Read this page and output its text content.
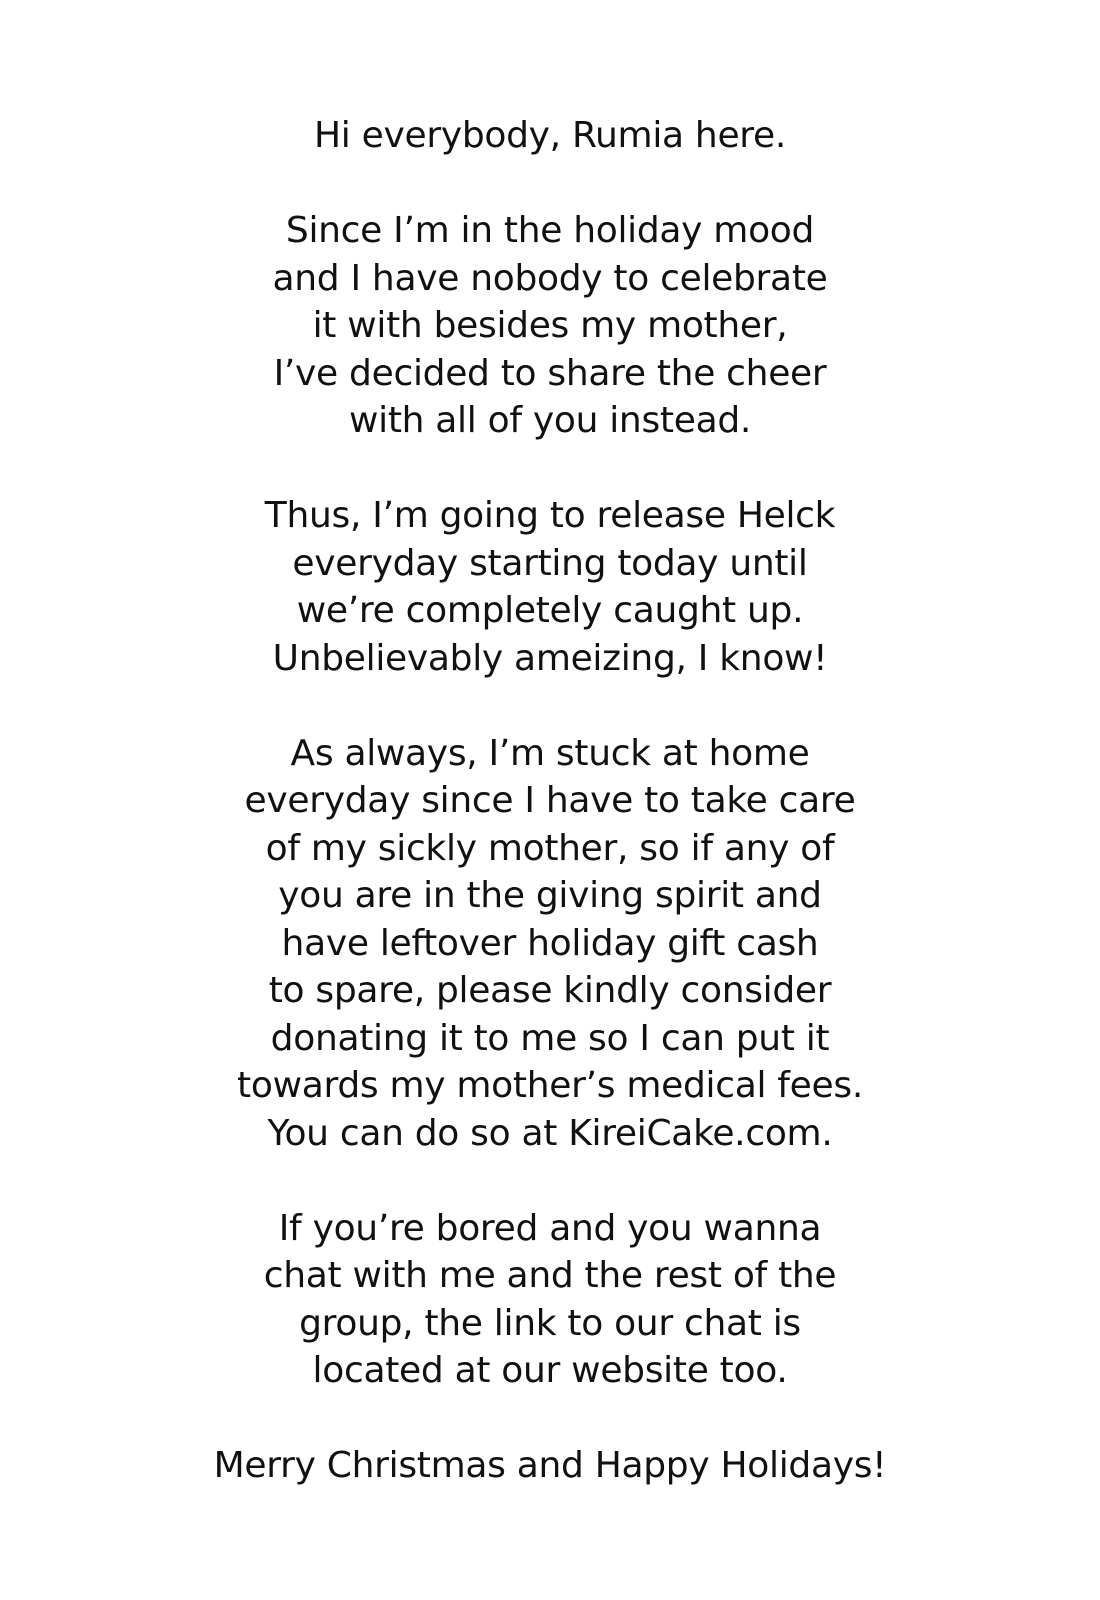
Hi everybody, Rumia here.
Since I’m in the holiday mood
and I have nobody to celebrate
it with besides my mother,
I’ve decided to share the cheer
with all of you instead.
Thus, I’m going to release Helck
everyday starting today until
we’re completely caught up.
Unbelievably ameizing, I know!
As always, I’m stuck at home
everyday since I have to take care
of my sickly mother, so if any of
you are in the giving spirit and
have leftover holiday gift cash
to spare, please kindly consider
donating it to me so I can put it
towards my mother’s medical fees.
You can do so at KireiCake.com.
If you’re bored and you wanna
chat with me and the rest of the
group, the link to our chat is
located at our website too.
Merry Christmas and Happy Holidays!
